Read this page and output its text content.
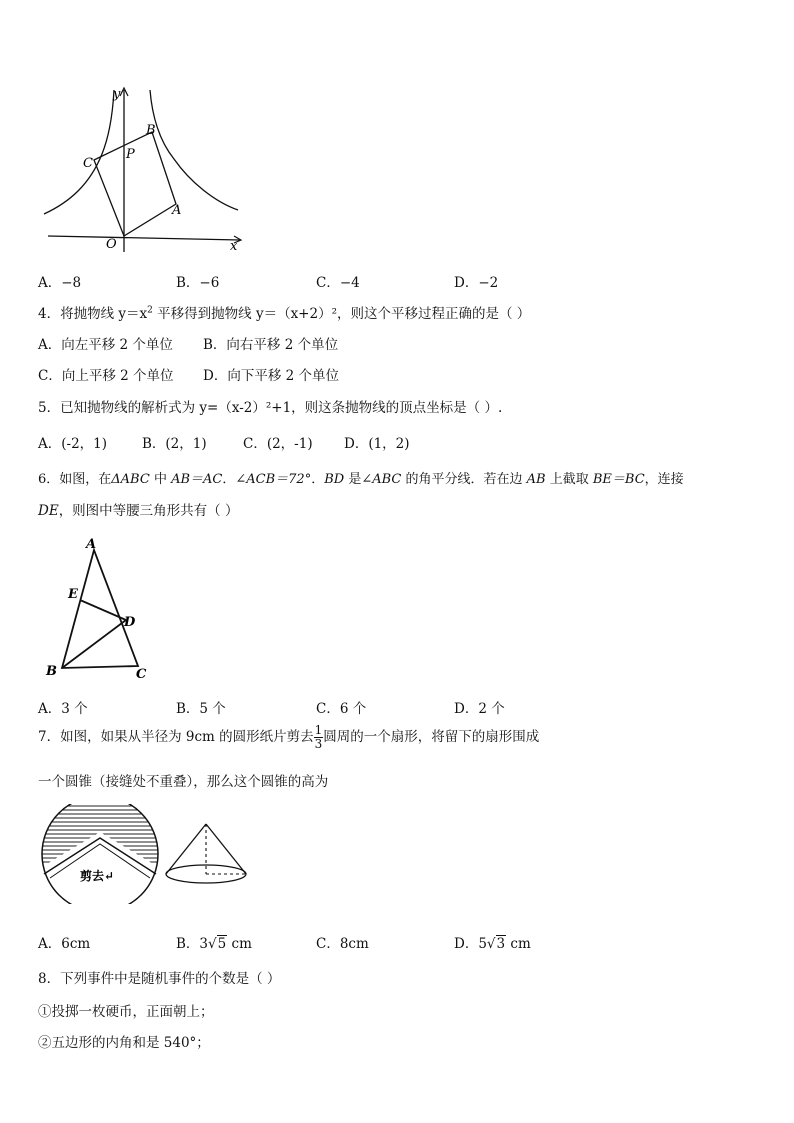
y
x
O
C
B
P
A
A．−8	B．−6	C．−4	D．−2
4．将抛物线 $y=x^2$ 平移得到抛物线 y＝（x+2）²，则这个平移过程正确的是（ ）
A．向左平移 2 个单位 B．向右平移 2 个单位
C．向上平移 2 个单位 D．向下平移 2 个单位
5．已知抛物线的解析式为 y=（x-2）²+1，则这条抛物线的顶点坐标是（ ）.
A．(-2，1)	B．(2，1)	C．(2，-1) D．(1，2)
6．如图，在ΔABC 中 AB＝AC．∠ACB＝72°．BD 是∠ABC 的角平分线．若在边 AB 上截取 BE＝BC，连接
DE，则图中等腰三角形共有（ ）
A
E
D
B	C
A．3 个	B．5 个	C．6 个	D．2 个
7．如图，如果从半径为 9cm 的圆形纸片剪去 $\frac{1}{3}$ 圆周的一个扇形，将留下的扇形围成
一个圆锥（接缝处不重叠），那么这个圆锥的高为
剪去↵
A．6cm	B．3√5 cm	C．8cm	D．5√3 cm
8．下列事件中是随机事件的个数是（ ）
①投掷一枚硬币，正面朝上；
②五边形的内角和是 540°；
